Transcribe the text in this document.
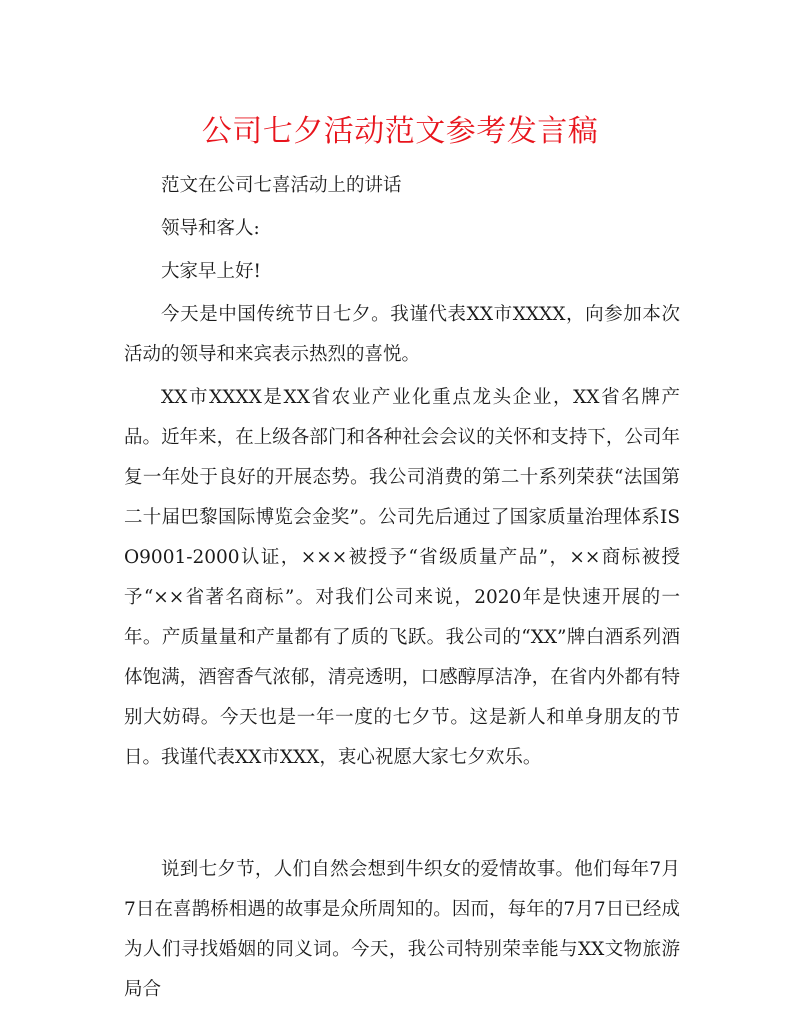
公司七夕活动范文参考发言稿

范文在公司七喜活动上的讲话

领导和客人:

大家早上好!

今天是中国传统节日七夕。我谨代表XX市XXXX，向参加本次活动的领导和来宾表示热烈的喜悦。

XX市XXXX是XX省农业产业化重点龙头企业，XX省名牌产品。近年来，在上级各部门和各种社会会议的关怀和支持下，公司年复一年处于良好的开展态势。我公司消费的第二十系列荣获“法国第二十届巴黎国际博览会金奖”。公司先后通过了国家质量治理体系ISO9001-2000认证，×××被授予“省级质量产品”，××商标被授予“××省著名商标”。对我们公司来说，2020年是快速开展的一年。产质量量和产量都有了质的飞跃。我公司的“XX”牌白酒系列酒体饱满，酒窖香气浓郁，清亮透明，口感醇厚洁净，在省内外都有特别大妨碍。今天也是一年一度的七夕节。这是新人和单身朋友的节日。我谨代表XX市XXX，衷心祝愿大家七夕欢乐。

说到七夕节，人们自然会想到牛织女的爱情故事。他们每年7月7日在喜鹊桥相遇的故事是众所周知的。因而，每年的7月7日已经成为人们寻找婚姻的同义词。今天，我公司特别荣幸能与XX文物旅游局合
